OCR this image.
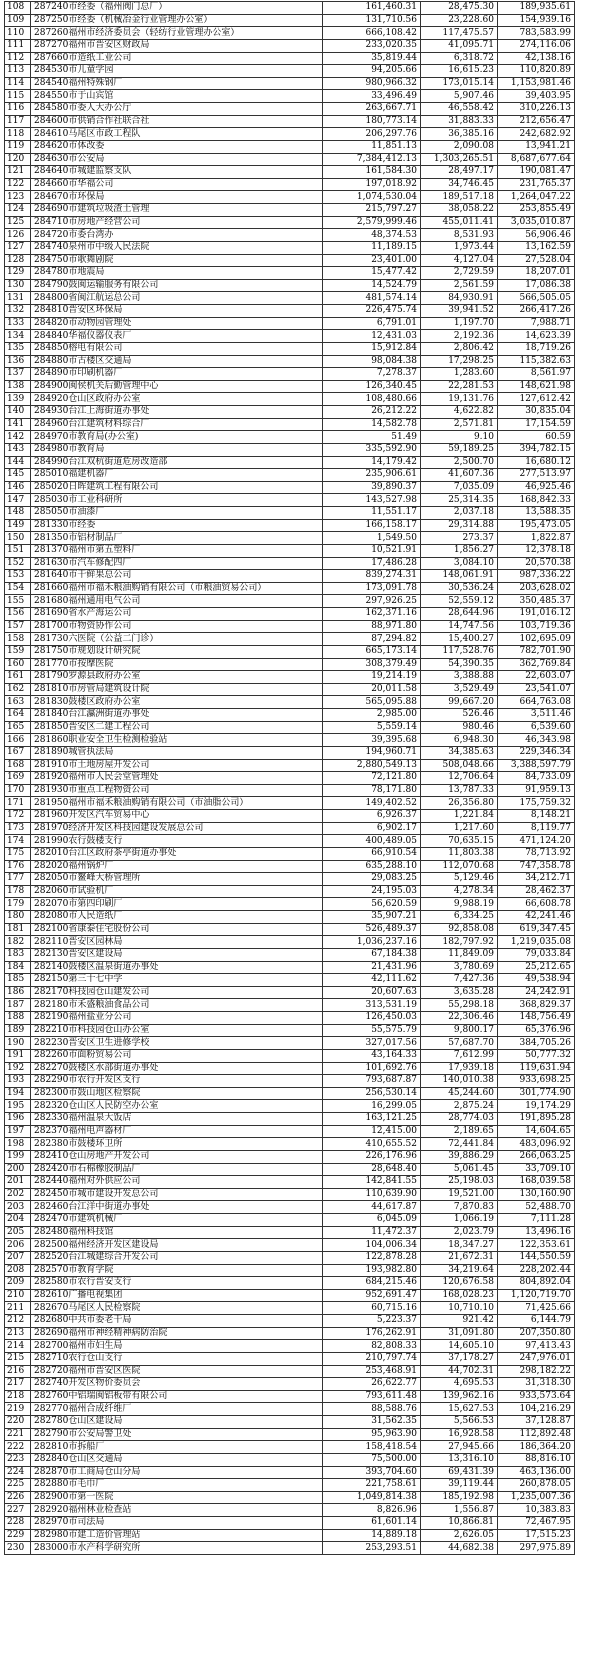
108	287240市经委（福州阀门总厂）	161,460.31	28,475.30	189,935.61
109	287250市经委（机械冶金行业管理办公室）	131,710.56	23,228.60	154,939.16
110	287260福州市经济委员会（轻纺行业管理办公室）	666,108.42	117,475.57	783,583.99
111	287270福州市晋安区财政局	233,020.35	41,095.71	274,116.06
112	287660市造纸工业公司	35,819.44	6,318.72	42,138.16
113	284530市儿童学园	94,205.66	16,615.23	110,820.89
114	284540福州特殊钢厂	980,966.32	173,015.14	1,153,981.46
115	284550市于山宾馆	33,496.49	5,907.46	39,403.95
116	284580市委人大办公厅	263,667.71	46,558.42	310,226.13
117	284600市供销合作社联合社	180,773.14	31,883.33	212,656.47
118	284610马尾区市政工程队	206,297.76	36,385.16	242,682.92
119	284620市体改委	11,851.13	2,090.08	13,941.21
120	284630市公安局	7,384,412.13	1,303,265.51	8,687,677.64
121	284640市城建监察支队	161,584.30	28,497.17	190,081.47
122	284660市华福公司	197,018.92	34,746.45	231,765.37
123	284670市环保局	1,074,530.04	189,517.18	1,264,047.22
124	284690市建筑垃圾渣土管理	215,797.27	38,058.22	253,855.49
125	284710市房地产经营公司	2,579,999.46	455,011.41	3,035,010.87
126	284720市委台湾办	48,374.53	8,531.93	56,906.46
127	284740泉州市中级人民法院	11,189.15	1,973.44	13,162.59
128	284750市歌舞剧院	23,401.00	4,127.04	27,528.04
129	284780市地震局	15,477.42	2,729.59	18,207.01
130	284790鼓闽运输服务有限公司	14,524.79	2,561.59	17,086.38
131	284800省闽江航运总公司	481,574.14	84,930.91	566,505.05
132	284810晋安区环保局	226,475.74	39,941.52	266,417.26
133	284820市动物园管理处	6,791.01	1,197.70	7,988.71
134	284840华福仪器仪表厂	12,431.03	2,192.36	14,623.39
135	284850榕电有限公司	15,912.84	2,806.42	18,719.26
136	284880市古楼区交通局	98,084.38	17,298.25	115,382.63
137	284890市印刷机器厂	7,278.37	1,283.60	8,561.97
138	284900闽侯机关后勤管理中心	126,340.45	22,281.53	148,621.98
139	284920仓山区政府办公室	108,480.66	19,131.76	127,612.42
140	284930台江上海街道办事处	26,212.22	4,622.82	30,835.04
141	284960台江建筑材料综合厂	14,582.78	2,571.81	17,154.59
142	284970市教育局(办公室)	51.49	9.10	60.59
143	284980市教育局	335,592.90	59,189.25	394,782.15
144	284990台江双杭街道危房改造部	14,179.42	2,500.70	16,680.12
145	285010福建机器厂	235,906.61	41,607.36	277,513.97
146	285020日晖建筑工程有限公司	39,890.37	7,035.09	46,925.46
147	285030市工业科研所	143,527.98	25,314.35	168,842.33
148	285050市油漆厂	11,551.17	2,037.18	13,588.35
149	281330市经委	166,158.17	29,314.88	195,473.05
150	281350市铝材制品厂	1,549.50	273.37	1,822.87
151	281370福州市第五塑料厂	10,521.91	1,856.27	12,378.18
152	281630市汽车修配四厂	17,486.28	3,084.10	20,570.38
153	281640市干鲜果总公司	839,274.31	148,061.91	987,336.22
154	281660福州市福禾粮油购销有限公司（市粮油贸易公司）	173,091.78	30,536.24	203,628.02
155	281680福州通用电气公司	297,926.25	52,559.12	350,485.37
156	281690省水产海运公司	162,371.16	28,644.96	191,016.12
157	281700市物资协作公司	88,971.80	14,747.56	103,719.36
158	281730六医院（公益二门诊）	87,294.82	15,400.27	102,695.09
159	281750市规划设计研究院	665,173.14	117,528.76	782,701.90
160	281770市按摩医院	308,379.49	54,390.35	362,769.84
161	281790罗源县政府办公室	19,214.19	3,388.88	22,603.07
162	281810市房管局建筑设计院	20,011.58	3,529.49	23,541.07
163	281830鼓楼区政府办公室	565,095.88	99,667.20	664,763.08
164	281840台江瀛洲街道办事处	2,985.00	526.46	3,511.46
165	281850晋安区二建工程公司	5,559.14	980.46	6,539.60
166	281860职业安全卫生检测检验站	39,395.68	6,948.30	46,343.98
167	281890城管执法局	194,960.71	34,385.63	229,346.34
168	281910市土地房屋开发公司	2,880,549.13	508,048.66	3,388,597.79
169	281920福州市人民会堂管理处	72,121.80	12,706.64	84,733.09
170	281930市重点工程物资公司	78,171.80	13,787.33	91,959.13
171	281950福州市福禾粮油购销有限公司（市油脂公司）	149,402.52	26,356.80	175,759.32
172	281960开发区汽车贸易中心	6,926.37	1,221.84	8,148.21
173	281970经济开发区科技园建设发展总公司	6,902.17	1,217.60	8,119.77
174	281990农行鼓楼支行	400,489.05	70,635.15	471,124.20
175	282010台江区政府茶亭街道办事处	66,910.54	11,803.38	78,713.92
176	282020福州锅炉厂	635,288.10	112,070.68	747,358.78
177	282050市鳌峰大桥管理所	29,083.25	5,129.46	34,212.71
178	282060市试验机厂	24,195.03	4,278.34	28,462.37
179	282070市第四印刷厂	56,620.59	9,988.19	66,608.78
180	282080市人民造纸厂	35,907.21	6,334.25	42,241.46
181	282100省康泰住宅股份公司	526,489.37	92,858.08	619,347.45
182	282110晋安区园林局	1,036,237.16	182,797.92	1,219,035.08
183	282130晋安区建设局	67,184.38	11,849.09	79,033.84
184	282140鼓楼区温泉街道办事处	21,431.96	3,780.69	25,212.65
185	282150第三十七中学	42,111.62	7,427.36	49,538.94
186	282170科技园仓山建发公司	20,607.63	3,635.28	24,242.91
187	282180市禾盛粮油食品公司	313,531.19	55,298.18	368,829.37
188	282190福州盐业分公司	126,450.03	22,306.46	148,756.49
189	282210市科技园仓山办公室	55,575.79	9,800.17	65,376.96
190	282230晋安区卫生进修学校	327,017.56	57,687.70	384,705.26
191	282260市面粉贸易公司	43,164.33	7,612.99	50,777.32
192	282270鼓楼区水部街道办事处	101,692.76	17,939.18	119,631.94
193	282290市农行开发区支行	793,687.87	140,010.38	933,698.25
194	282300市鼓山地区检察院	256,530.14	45,244.60	301,774.90
195	282320仓山区人民防空办公室	16,299.05	2,875.24	19,174.29
196	282330福州温泉大饭店	163,121.25	28,774.03	191,895.28
197	282370福州电声器材厂	12,415.00	2,189.65	14,604.65
198	282380市鼓楼环卫所	410,655.52	72,441.84	483,096.92
199	282410仓山房地产开发公司	226,176.96	39,886.29	266,063.25
200	282420市石棉橡胶制品厂	28,648.40	5,061.45	33,709.10
201	282440福州对外供应公司	142,841.55	25,198.03	168,039.58
202	282450市城市建设开发总公司	110,639.90	19,521.00	130,160.90
203	282460台江洋中街道办事处	44,617.87	7,870.83	52,488.70
204	282470市建筑机械厂	6,045.09	1,066.19	7,111.28
205	282480福州科技馆	11,472.37	2,023.79	13,496.16
206	282500福州经济开发区建设局	104,006.34	18,347.27	122,353.61
207	282520台江城建综合开发公司	122,878.28	21,672.31	144,550.59
208	282570市教育学院	193,982.80	34,219.64	228,202.44
209	282580市农行晋安支行	684,215.46	120,676.58	804,892.04
210	282610广播电视集团	952,691.47	168,028.23	1,120,719.70
211	282670马尾区人民检察院	60,715.16	10,710.10	71,425.66
212	282680中共市委老干局	5,223.37	921.42	6,144.79
213	282690福州市神经精神病防治院	176,262.91	31,091.80	207,350.80
214	282700福州市妇生局	82,808.33	14,605.10	97,413.43
215	282710农行仓山支行	210,797.74	37,178.27	247,976.01
216	282720福州市晋安区医院	253,468.91	44,702.31	298,182.22
217	282740开发区物价委员会	26,622.77	4,695.53	31,318.30
218	282760中铝瑞闽铝板带有限公司	793,611.48	139,962.16	933,573.64
219	282770福州合成纤维厂	88,588.76	15,627.53	104,216.29
220	282780仓山区建设局	31,562.35	5,566.53	37,128.87
221	282790市公安局警卫处	95,963.90	16,928.58	112,892.48
222	282810市拆船厂	158,418.54	27,945.66	186,364.20
223	282840仓山区交通局	75,500.00	13,316.10	88,816.10
224	282870市工商局仓山分局	393,704.60	69,431.39	463,136.00
225	282880市毛巾厂	221,758.61	39,119.44	260,878.05
226	282900市第一医院	1,049,814.38	185,192.98	1,235,007.36
227	282920福州林业检查站	8,826.96	1,556.87	10,383.83
228	282970市司法局	61,601.14	10,866.81	72,467.95
229	282980市建工造价管理站	14,889.18	2,626.05	17,515.23
230	283000市水产科学研究所	253,293.51	44,682.38	297,975.89
